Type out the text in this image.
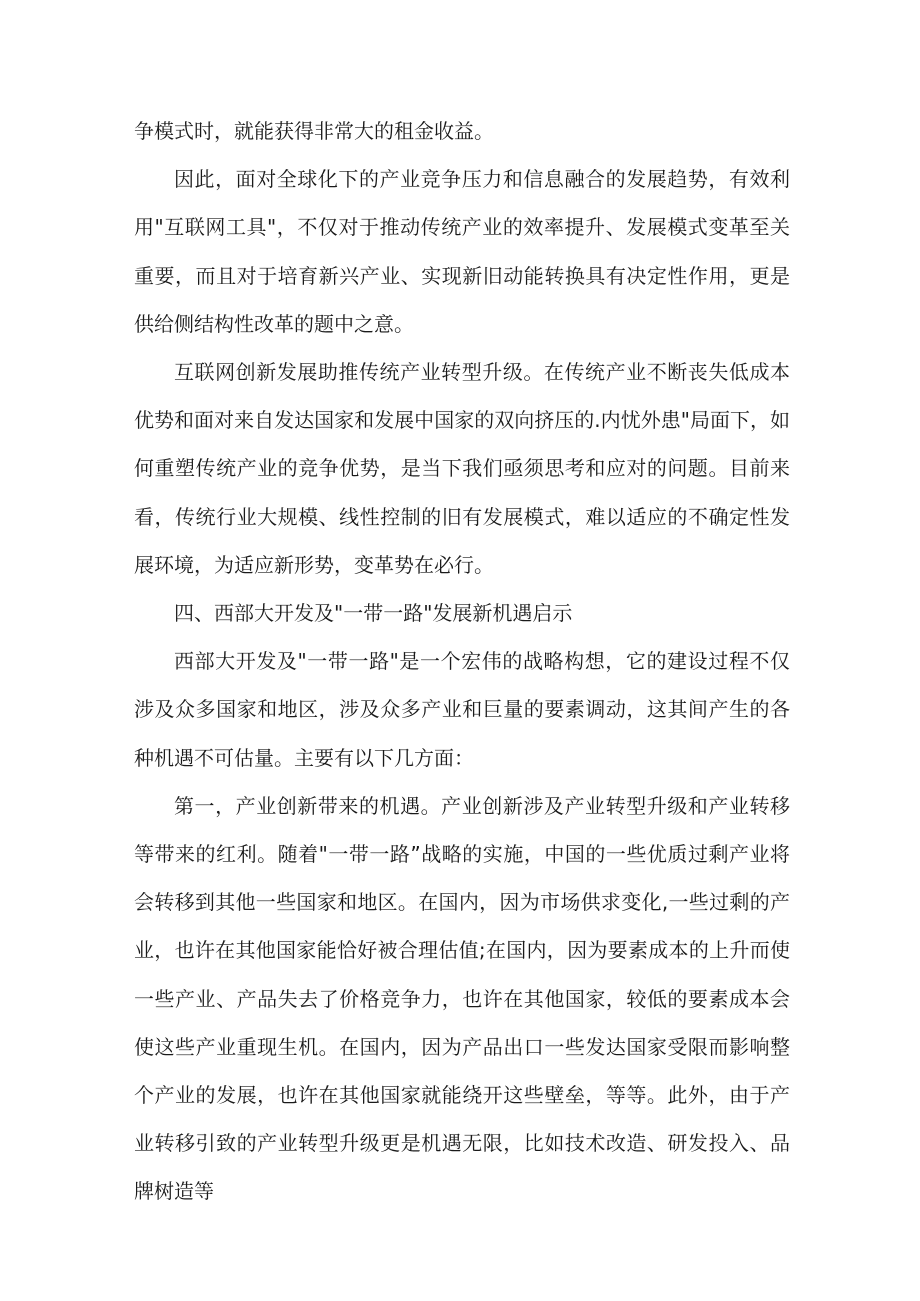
争模式时，就能获得非常大的租金收益。

因此，面对全球化下的产业竞争压力和信息融合的发展趋势，有效利用"互联网工具"，不仅对于推动传统产业的效率提升、发展模式变革至关重要，而且对于培育新兴产业、实现新旧动能转换具有决定性作用，更是供给侧结构性改革的题中之意。

互联网创新发展助推传统产业转型升级。在传统产业不断丧失低成本优势和面对来自发达国家和发展中国家的双向挤压的.内忧外患"局面下，如何重塑传统产业的竞争优势，是当下我们亟须思考和应对的问题。目前来看，传统行业大规模、线性控制的旧有发展模式，难以适应的不确定性发展环境，为适应新形势，变革势在必行。

四、西部大开发及"一带一路"发展新机遇启示

西部大开发及"一带一路"是一个宏伟的战略构想，它的建设过程不仅涉及众多国家和地区，涉及众多产业和巨量的要素调动，这其间产生的各种机遇不可估量。主要有以下几方面：

第一，产业创新带来的机遇。产业创新涉及产业转型升级和产业转移等带来的红利。随着"一带一路”战略的实施，中国的一些优质过剩产业将会转移到其他一些国家和地区。在国内，因为市场供求变化,一些过剩的产业，也许在其他国家能恰好被合理估值;在国内，因为要素成本的上升而使一些产业、产品失去了价格竞争力，也许在其他国家，较低的要素成本会使这些产业重现生机。在国内，因为产品出口一些发达国家受限而影响整个产业的发展，也许在其他国家就能绕开这些壁垒，等等。此外，由于产业转移引致的产业转型升级更是机遇无限，比如技术改造、研发投入、品牌树造等
